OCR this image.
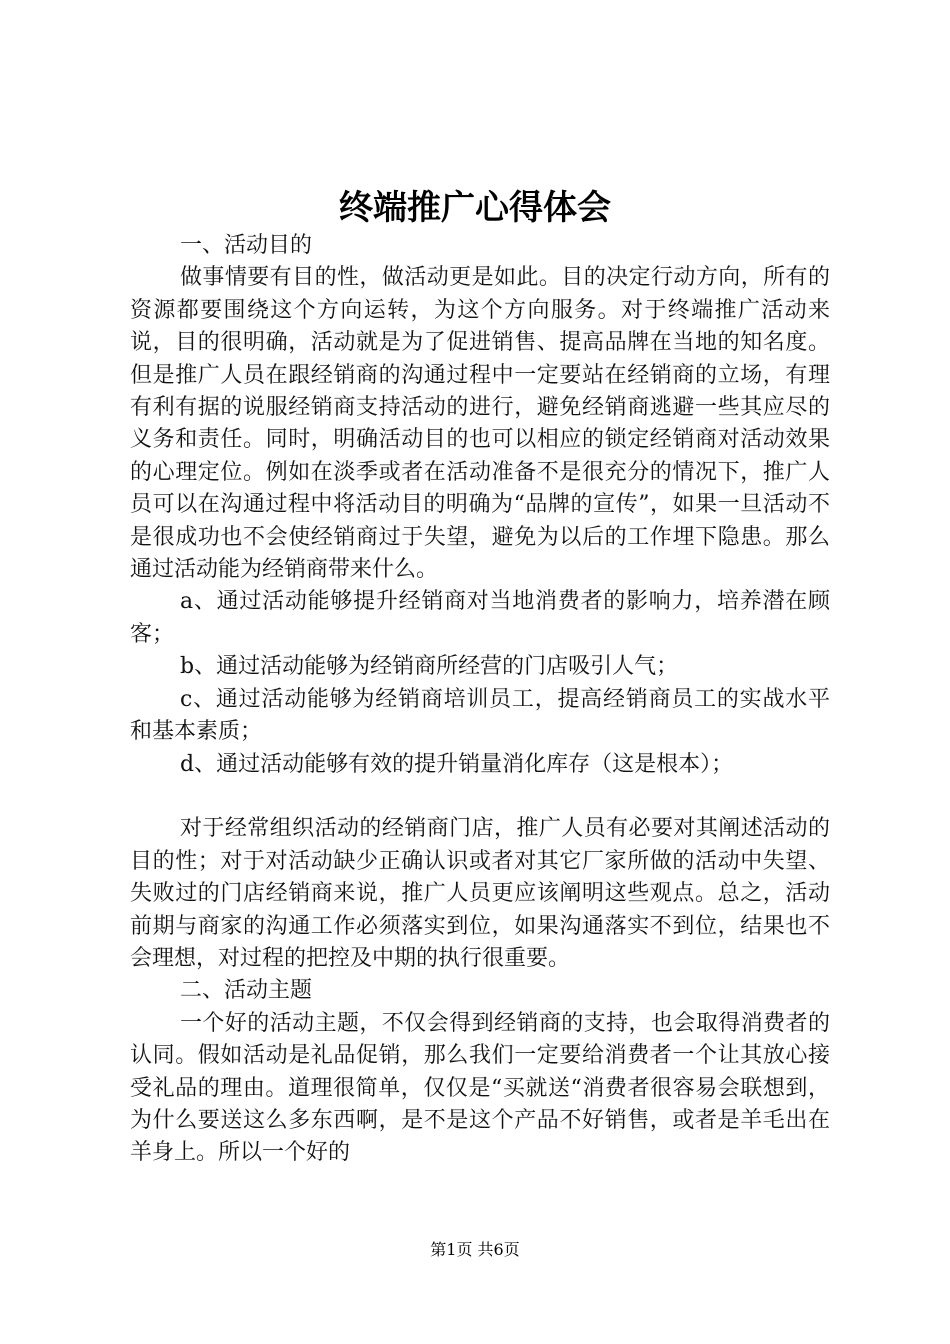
终端推广心得体会

一、活动目的

做事情要有目的性，做活动更是如此。目的决定行动方向，所有的资源都要围绕这个方向运转，为这个方向服务。对于终端推广活动来说，目的很明确，活动就是为了促进销售、提高品牌在当地的知名度。但是推广人员在跟经销商的沟通过程中一定要站在经销商的立场，有理有利有据的说服经销商支持活动的进行，避免经销商逃避一些其应尽的义务和责任。同时，明确活动目的也可以相应的锁定经销商对活动效果的心理定位。例如在淡季或者在活动准备不是很充分的情况下，推广人员可以在沟通过程中将活动目的明确为“品牌的宣传”，如果一旦活动不是很成功也不会使经销商过于失望，避免为以后的工作埋下隐患。那么通过活动能为经销商带来什么。

a、通过活动能够提升经销商对当地消费者的影响力，培养潜在顾客；

b、通过活动能够为经销商所经营的门店吸引人气；

c、通过活动能够为经销商培训员工，提高经销商员工的实战水平和基本素质；

d、通过活动能够有效的提升销量消化库存（这是根本）；

对于经常组织活动的经销商门店，推广人员有必要对其阐述活动的目的性；对于对活动缺少正确认识或者对其它厂家所做的活动中失望、失败过的门店经销商来说，推广人员更应该阐明这些观点。总之，活动前期与商家的沟通工作必须落实到位，如果沟通落实不到位，结果也不会理想，对过程的把控及中期的执行很重要。

二、活动主题

一个好的活动主题，不仅会得到经销商的支持，也会取得消费者的认同。假如活动是礼品促销，那么我们一定要给消费者一个让其放心接受礼品的理由。道理很简单，仅仅是“买就送“消费者很容易会联想到，为什么要送这么多东西啊，是不是这个产品不好销售，或者是羊毛出在羊身上。所以一个好的

第1页 共6页
